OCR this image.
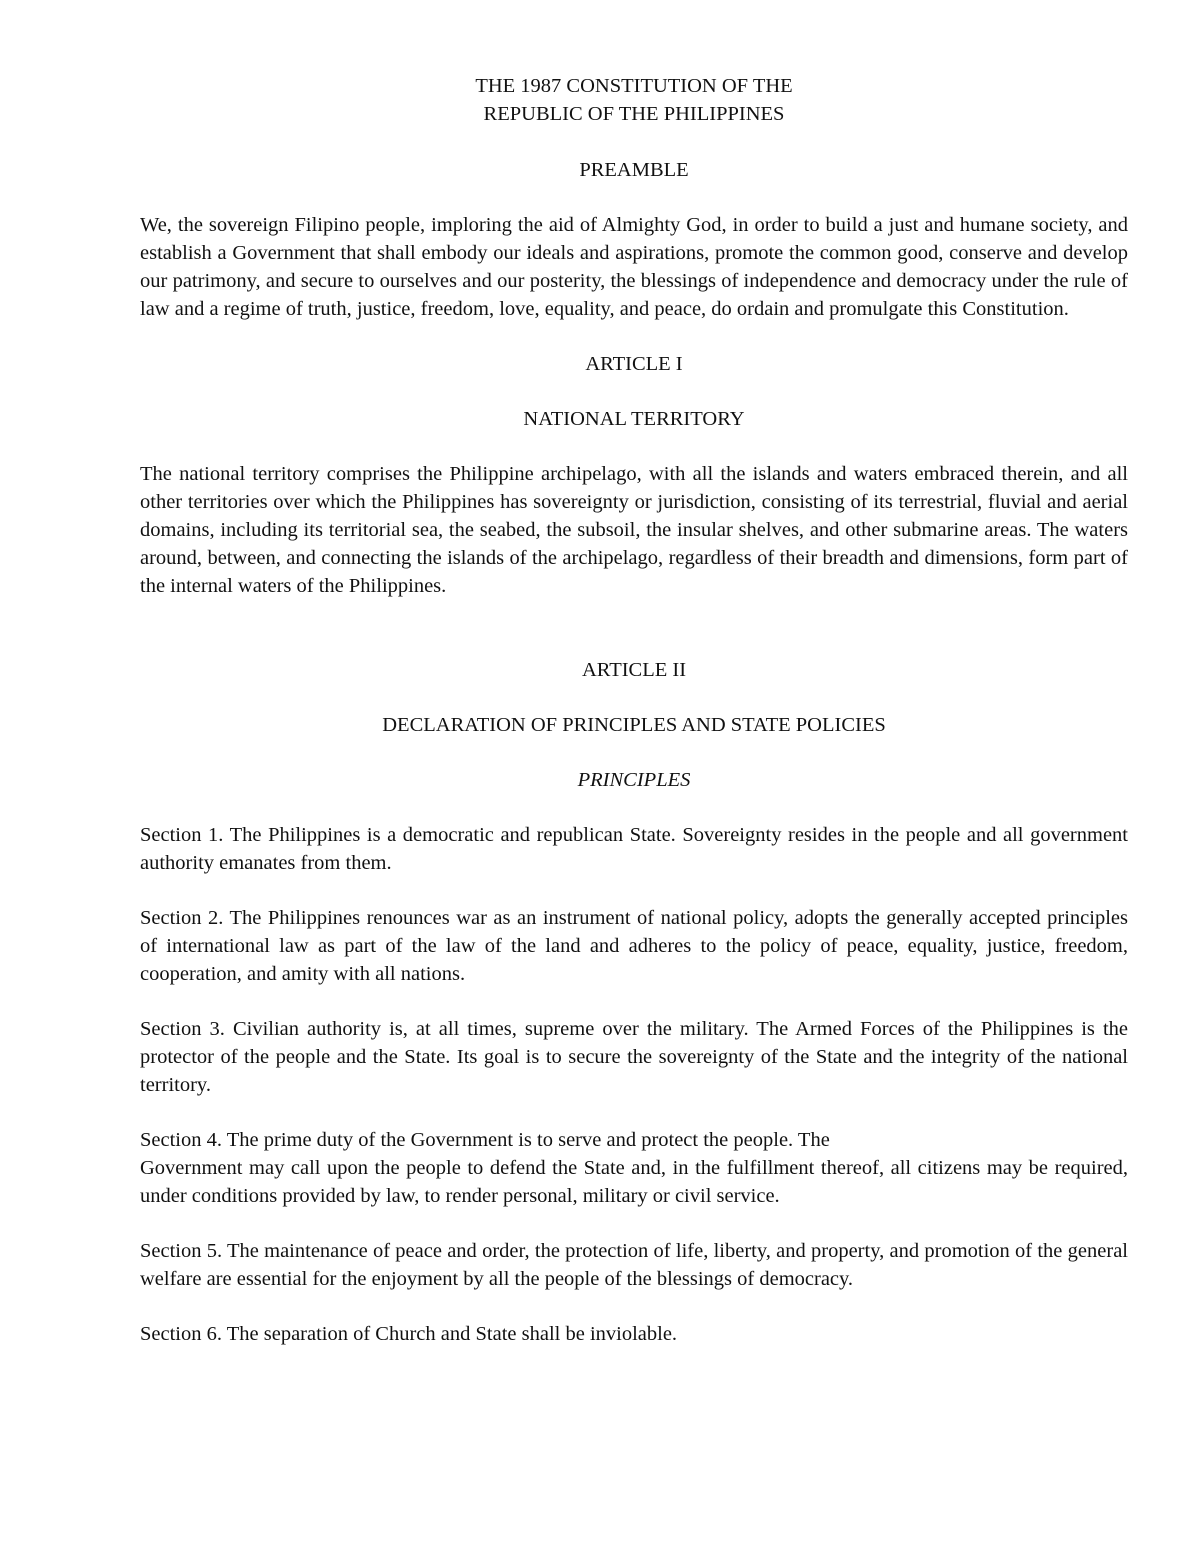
THE 1987 CONSTITUTION OF THE
REPUBLIC OF THE PHILIPPINES

PREAMBLE

We, the sovereign Filipino people, imploring the aid of Almighty God, in order to build a just and humane society, and establish a Government that shall embody our ideals and aspirations, promote the common good, conserve and develop our patrimony, and secure to ourselves and our posterity, the blessings of independence and democracy under the rule of law and a regime of truth, justice, freedom, love, equality, and peace, do ordain and promulgate this Constitution.

ARTICLE I

NATIONAL TERRITORY

The national territory comprises the Philippine archipelago, with all the islands and waters embraced therein, and all other territories over which the Philippines has sovereignty or jurisdiction, consisting of its terrestrial, fluvial and aerial domains, including its territorial sea, the seabed, the subsoil, the insular shelves, and other submarine areas. The waters around, between, and connecting the islands of the archipelago, regardless of their breadth and dimensions, form part of the internal waters of the Philippines.

ARTICLE II

DECLARATION OF PRINCIPLES AND STATE POLICIES

PRINCIPLES

Section 1. The Philippines is a democratic and republican State. Sovereignty resides in the people and all government authority emanates from them.

Section 2. The Philippines renounces war as an instrument of national policy, adopts the generally accepted principles of international law as part of the law of the land and adheres to the policy of peace, equality, justice, freedom, cooperation, and amity with all nations.

Section 3. Civilian authority is, at all times, supreme over the military. The Armed Forces of the Philippines is the protector of the people and the State. Its goal is to secure the sovereignty of the State and the integrity of the national territory.

Section 4. The prime duty of the Government is to serve and protect the people. The
Government may call upon the people to defend the State and, in the fulfillment thereof, all citizens may be required, under conditions provided by law, to render personal, military or civil service.

Section 5. The maintenance of peace and order, the protection of life, liberty, and property, and promotion of the general welfare are essential for the enjoyment by all the people of the blessings of democracy.

Section 6. The separation of Church and State shall be inviolable.
